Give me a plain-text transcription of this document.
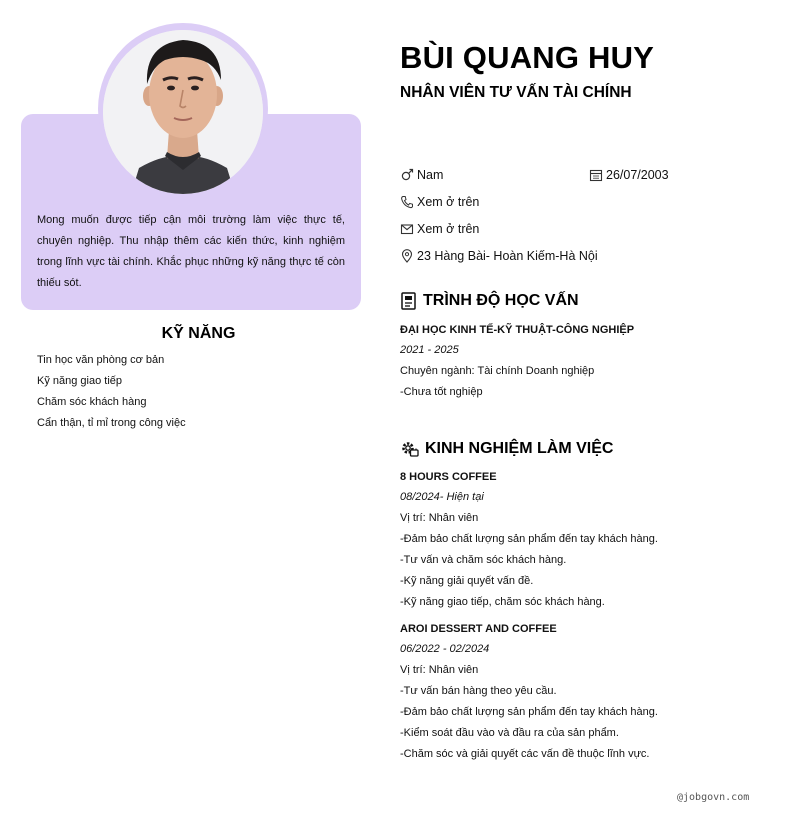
Mong muốn được tiếp cận môi trường làm việc thực tế, chuyên nghiệp. Thu nhập thêm các kiến thức, kinh nghiệm trong lĩnh vực tài chính. Khắc phục những kỹ năng thực tế còn thiếu sót.

KỸ NĂNG
Tin học văn phòng cơ bản
Kỹ năng giao tiếp
Chăm sóc khách hàng
Cẩn thận, tỉ mỉ trong công việc
BÙI QUANG HUY
NHÂN VIÊN TƯ VẤN TÀI CHÍNH
Nam	26/07/2003
Xem ở trên
Xem ở trên
23 Hàng Bài- Hoàn Kiếm-Hà Nội
TRÌNH ĐỘ HỌC VẤN
ĐẠI HỌC KINH TẾ-KỸ THUẬT-CÔNG NGHIỆP
2021 - 2025
Chuyên ngành: Tài chính Doanh nghiệp
-Chưa tốt nghiệp
KINH NGHIỆM LÀM VIỆC
8 HOURS COFFEE
08/2024- Hiện tại
Vị trí: Nhân viên
-Đảm bảo chất lượng sản phẩm đến tay khách hàng.
-Tư vấn và chăm sóc khách hàng.
-Kỹ năng giải quyết vấn đề.
-Kỹ năng giao tiếp, chăm sóc khách hàng.
AROI DESSERT AND COFFEE
06/2022 - 02/2024
Vị trí: Nhân viên
-Tư vấn bán hàng theo yêu cầu.
-Đảm bảo chất lượng sản phẩm đến tay khách hàng.
-Kiểm soát đầu vào và đầu ra của sản phẩm.
-Chăm sóc và giải quyết các vấn đề thuộc lĩnh vực.
@jobgovn.com
